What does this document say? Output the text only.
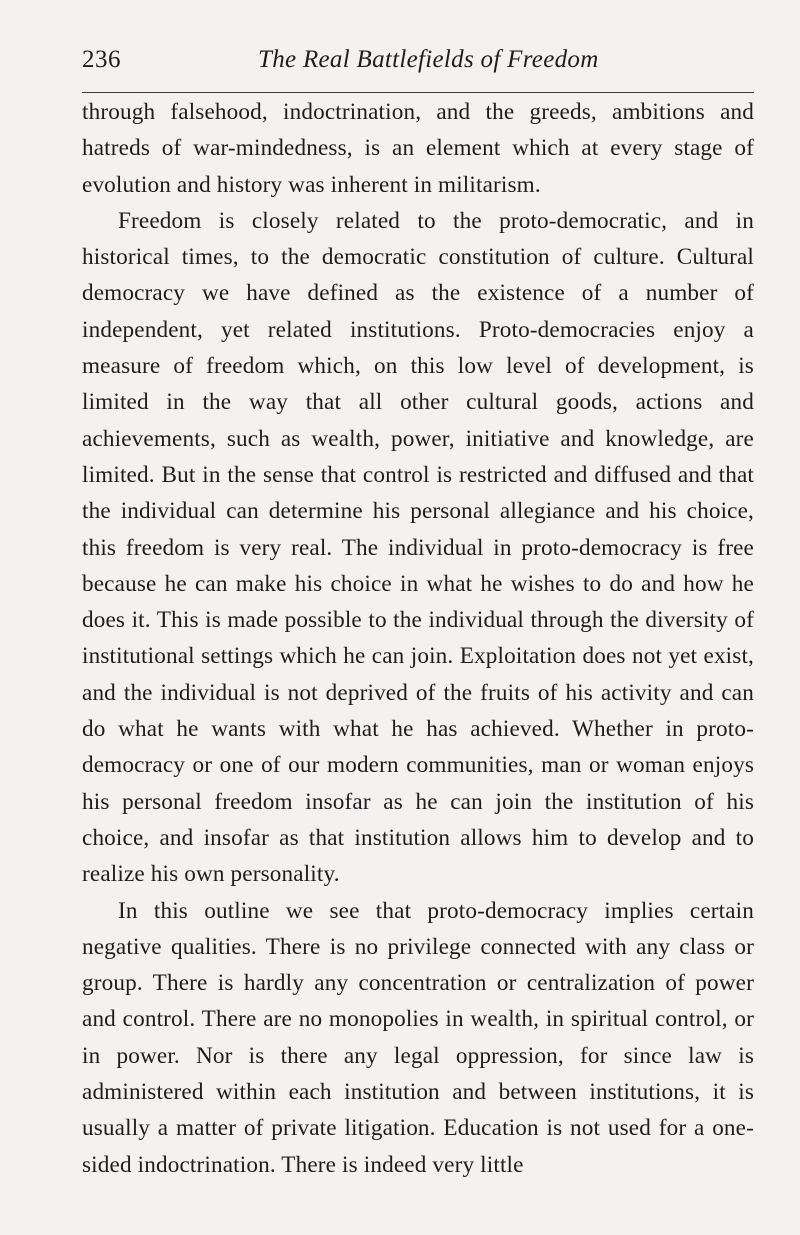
236	The Real Battlefields of Freedom

through falsehood, indoctrination, and the greeds, ambitions and hatreds of war-mindedness, is an element which at every stage of evolution and history was inherent in militarism.

Freedom is closely related to the proto-democratic, and in historical times, to the democratic constitution of culture. Cultural democracy we have defined as the existence of a number of independent, yet related institutions. Proto-democracies enjoy a measure of freedom which, on this low level of development, is limited in the way that all other cultural goods, actions and achievements, such as wealth, power, initiative and knowledge, are limited. But in the sense that control is restricted and diffused and that the individual can determine his personal allegiance and his choice, this freedom is very real. The individual in proto-democracy is free because he can make his choice in what he wishes to do and how he does it. This is made possible to the individual through the diversity of institutional settings which he can join. Exploitation does not yet exist, and the individual is not deprived of the fruits of his activity and can do what he wants with what he has achieved. Whether in proto-democracy or one of our modern communities, man or woman enjoys his personal freedom insofar as he can join the institution of his choice, and insofar as that institution allows him to develop and to realize his own personality.

In this outline we see that proto-democracy implies certain negative qualities. There is no privilege connected with any class or group. There is hardly any concentration or centralization of power and control. There are no monopolies in wealth, in spiritual control, or in power. Nor is there any legal oppression, for since law is administered within each institution and between institutions, it is usually a matter of private litigation. Education is not used for a one-sided indoctrination. There is indeed very little
